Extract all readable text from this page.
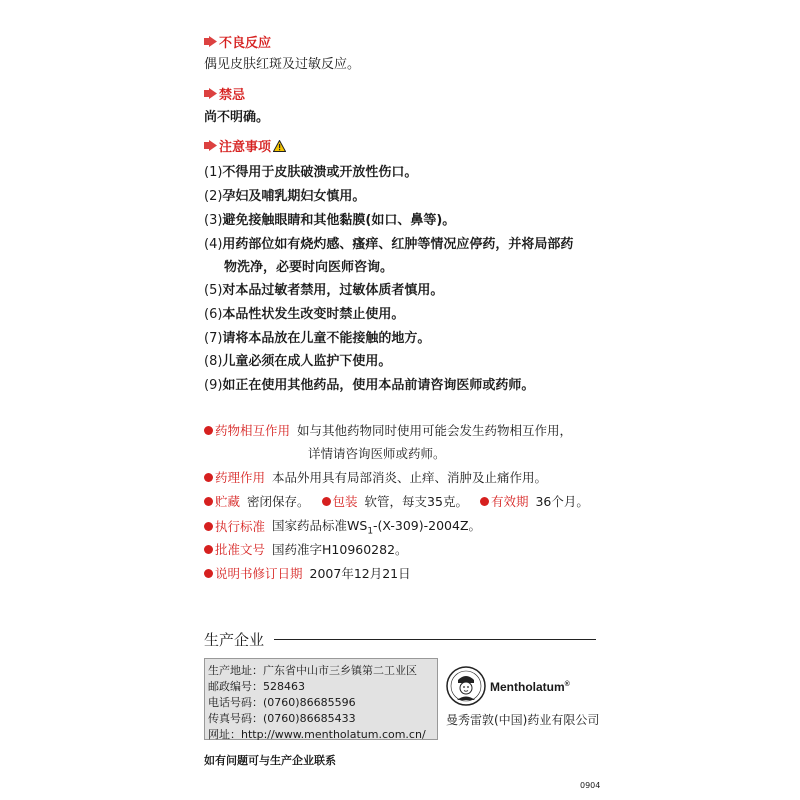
不良反应
偶见皮肤红斑及过敏反应。
禁忌
尚不明确。
注意事项
(1)不得用于皮肤破溃或开放性伤口。
(2)孕妇及哺乳期妇女慎用。
(3)避免接触眼睛和其他黏膜(如口、鼻等)。
(4)用药部位如有烧灼感、瘙痒、红肿等情况应停药，并将局部药
物洗净，必要时向医师咨询。
(5)对本品过敏者禁用，过敏体质者慎用。
(6)本品性状发生改变时禁止使用。
(7)请将本品放在儿童不能接触的地方。
(8)儿童必须在成人监护下使用。
(9)如正在使用其他药品，使用本品前请咨询医师或药师。
药物相互作用 如与其他药物同时使用可能会发生药物相互作用，
详情请咨询医师或药师。
药理作用 本品外用具有局部消炎、止痒、消肿及止痛作用。
贮藏 密闭保存。 包装 软管，每支35克。 有效期 36个月。
执行标准 国家药品标准$WS_1-(X-309)-2004Z$。
批准文号 国药准字H10960282。
说明书修订日期 2007年12月21日
生产企业
生产地址：广东省中山市三乡镇第二工业区
邮政编号：528463
电话号码：(0760)86685596
传真号码：(0760)86685433
网址：http://www.mentholatum.com.cn/
Mentholatum®
曼秀雷敦(中国)药业有限公司
如有问题可与生产企业联系
0904
